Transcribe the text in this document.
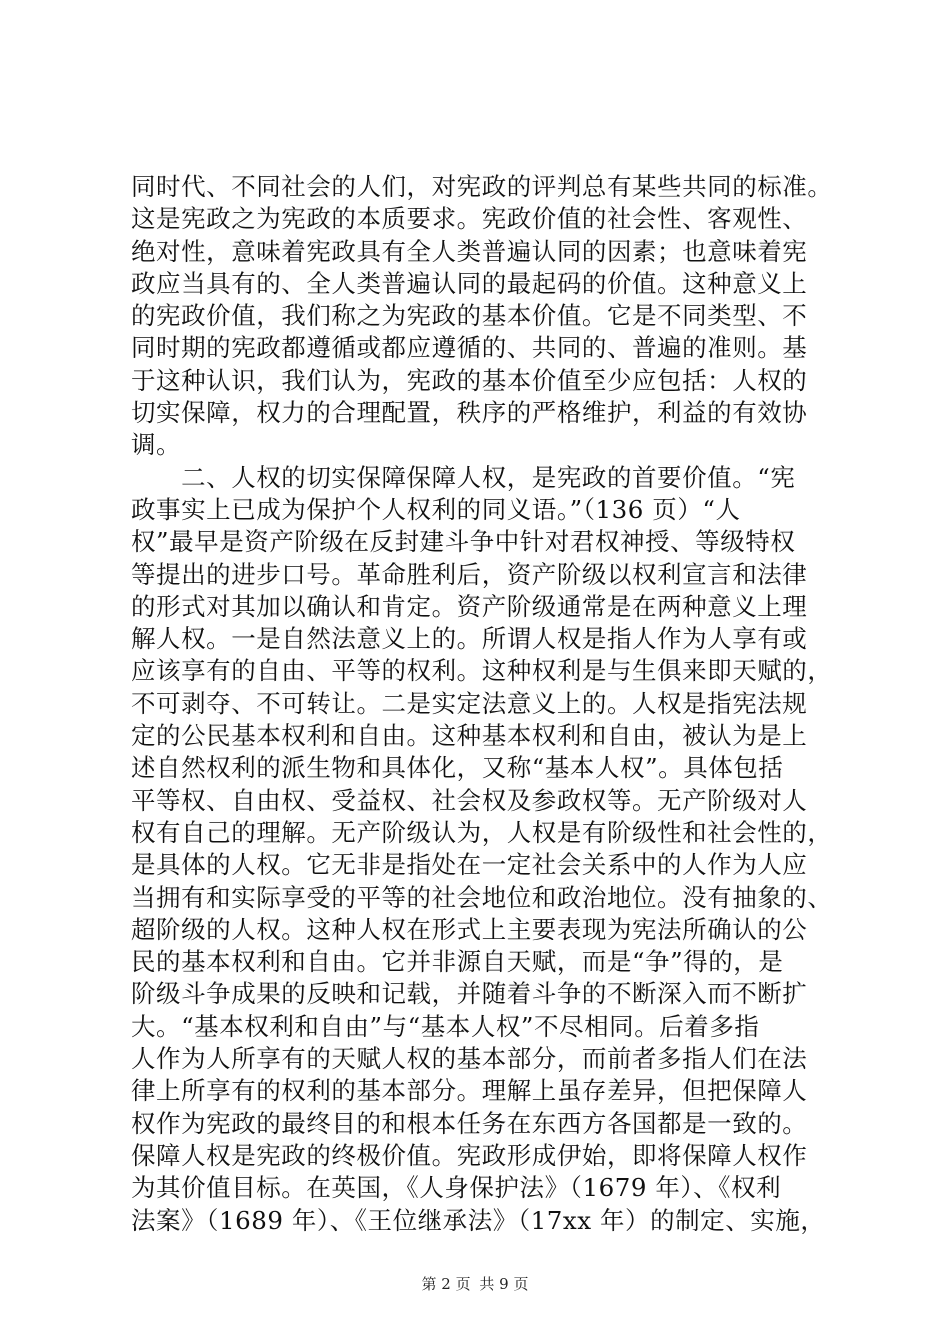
同时代、不同社会的人们，对宪政的评判总有某些共同的标准。
这是宪政之为宪政的本质要求。宪政价值的社会性、客观性、
绝对性，意味着宪政具有全人类普遍认同的因素；也意味着宪
政应当具有的、全人类普遍认同的最起码的价值。这种意义上
的宪政价值，我们称之为宪政的基本价值。它是不同类型、不
同时期的宪政都遵循或都应遵循的、共同的、普遍的准则。基
于这种认识，我们认为，宪政的基本价值至少应包括：人权的
切实保障，权力的合理配置，秩序的严格维护，利益的有效协
调。
　　二、人权的切实保障保障人权，是宪政的首要价值。“宪
政事实上已成为保护个人权利的同义语。”（136 页）“人
权”最早是资产阶级在反封建斗争中针对君权神授、等级特权
等提出的进步口号。革命胜利后，资产阶级以权利宣言和法律
的形式对其加以确认和肯定。资产阶级通常是在两种意义上理
解人权。一是自然法意义上的。所谓人权是指人作为人享有或
应该享有的自由、平等的权利。这种权利是与生俱来即天赋的，
不可剥夺、不可转让。二是实定法意义上的。人权是指宪法规
定的公民基本权利和自由。这种基本权利和自由，被认为是上
述自然权利的派生物和具体化，又称“基本人权”。具体包括
平等权、自由权、受益权、社会权及参政权等。无产阶级对人
权有自己的理解。无产阶级认为，人权是有阶级性和社会性的，
是具体的人权。它无非是指处在一定社会关系中的人作为人应
当拥有和实际享受的平等的社会地位和政治地位。没有抽象的、
超阶级的人权。这种人权在形式上主要表现为宪法所确认的公
民的基本权利和自由。它并非源自天赋，而是“争”得的，是
阶级斗争成果的反映和记载，并随着斗争的不断深入而不断扩
大。“基本权利和自由”与“基本人权”不尽相同。后着多指
人作为人所享有的天赋人权的基本部分，而前者多指人们在法
律上所享有的权利的基本部分。理解上虽存差异，但把保障人
权作为宪政的最终目的和根本任务在东西方各国都是一致的。
保障人权是宪政的终极价值。宪政形成伊始，即将保障人权作
为其价值目标。在英国，《人身保护法》（1679 年）、《权利
法案》（1689 年）、《王位继承法》（17xx 年）的制定、实施，
第 2 页 共 9 页
